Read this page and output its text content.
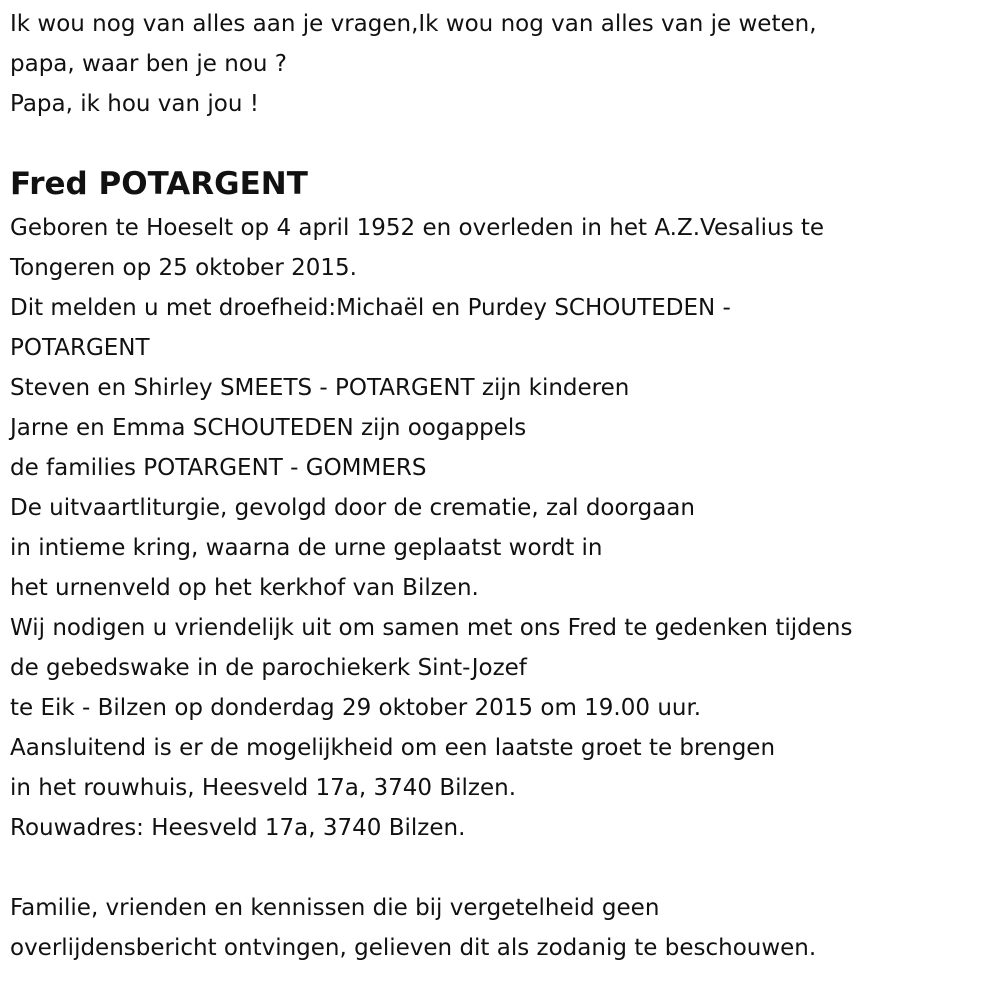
Ik wou nog van alles aan je vragen,Ik wou nog van alles van je weten,
papa, waar ben je nou ?
Papa, ik hou van jou !
Fred POTARGENT
Geboren te Hoeselt op 4 april 1952 en overleden in het A.Z.Vesalius te
Tongeren op 25 oktober 2015.
Dit melden u met droefheid:Michaël en Purdey SCHOUTEDEN -
POTARGENT
Steven en Shirley SMEETS - POTARGENT zijn kinderen
Jarne en Emma SCHOUTEDEN zijn oogappels
de families POTARGENT - GOMMERS
De uitvaartliturgie, gevolgd door de crematie, zal doorgaan
in intieme kring, waarna de urne geplaatst wordt in
het urnenveld op het kerkhof van Bilzen.
Wij nodigen u vriendelijk uit om samen met ons Fred te gedenken tijdens
de gebedswake in de parochiekerk Sint-Jozef
te Eik - Bilzen op donderdag 29 oktober 2015 om 19.00 uur.
Aansluitend is er de mogelijkheid om een laatste groet te brengen
in het rouwhuis, Heesveld 17a, 3740 Bilzen.
Rouwadres: Heesveld 17a, 3740 Bilzen.
Familie, vrienden en kennissen die bij vergetelheid geen
overlijdensbericht ontvingen, gelieven dit als zodanig te beschouwen.
